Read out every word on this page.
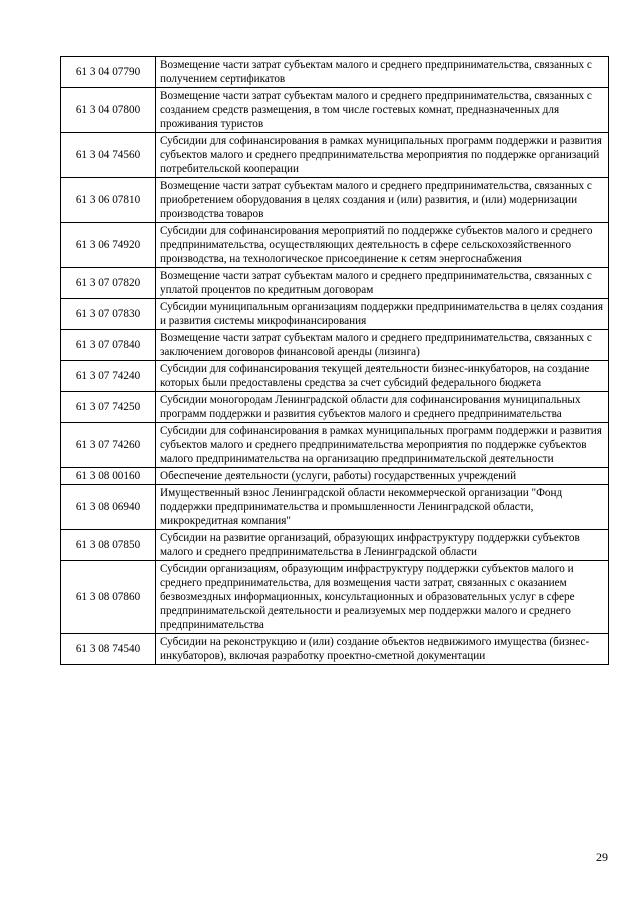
61 3 04 07790	Возмещение части затрат субъектам малого и среднего предпринимательства, связанных с получением сертификатов
61 3 04 07800	Возмещение части затрат субъектам малого и среднего предпринимательства, связанных с созданием средств размещения, в том числе гостевых комнат, предназначенных для проживания туристов
61 3 04 74560	Субсидии для софинансирования в рамках муниципальных программ поддержки и развития субъектов малого и среднего предпринимательства мероприятия по поддержке организаций потребительской кооперации
61 3 06 07810	Возмещение части затрат субъектам малого и среднего предпринимательства, связанных с приобретением оборудования в целях создания и (или) развития, и (или) модернизации производства товаров
61 3 06 74920	Субсидии для софинансирования мероприятий по поддержке субъектов малого и среднего предпринимательства, осуществляющих деятельность в сфере сельскохозяйственного производства, на технологическое присоединение к сетям энергоснабжения
61 3 07 07820	Возмещение части затрат субъектам малого и среднего предпринимательства, связанных с уплатой процентов по кредитным договорам
61 3 07 07830	Субсидии муниципальным организациям поддержки предпринимательства в целях создания и развития системы микрофинансирования
61 3 07 07840	Возмещение части затрат субъектам малого и среднего предпринимательства, связанных с заключением договоров финансовой аренды (лизинга)
61 3 07 74240	Субсидии для софинансирования текущей деятельности бизнес-инкубаторов, на создание которых были предоставлены средства за счет субсидий федерального бюджета
61 3 07 74250	Субсидии моногородам Ленинградской области для софинансирования муниципальных программ поддержки и развития субъектов малого и среднего предпринимательства
61 3 07 74260	Субсидии для софинансирования в рамках муниципальных программ поддержки и развития субъектов малого и среднего предпринимательства мероприятия по поддержке субъектов малого предпринимательства на организацию предпринимательской деятельности
61 3 08 00160	Обеспечение деятельности (услуги, работы) государственных учреждений
61 3 08 06940	Имущественный взнос Ленинградской области некоммерческой организации "Фонд поддержки предпринимательства и промышленности Ленинградской области, микрокредитная компания"
61 3 08 07850	Субсидии на развитие организаций, образующих инфраструктуру поддержки субъектов малого и среднего предпринимательства в Ленинградской области
61 3 08 07860	Субсидии организациям, образующим инфраструктуру поддержки субъектов малого и среднего предпринимательства, для возмещения части затрат, связанных с оказанием безвозмездных информационных, консультационных и образовательных услуг в сфере предпринимательской деятельности и реализуемых мер поддержки малого и среднего предпринимательства
61 3 08 74540	Субсидии на реконструкцию и (или) создание объектов недвижимого имущества (бизнес-инкубаторов), включая разработку проектно-сметной документации
29
